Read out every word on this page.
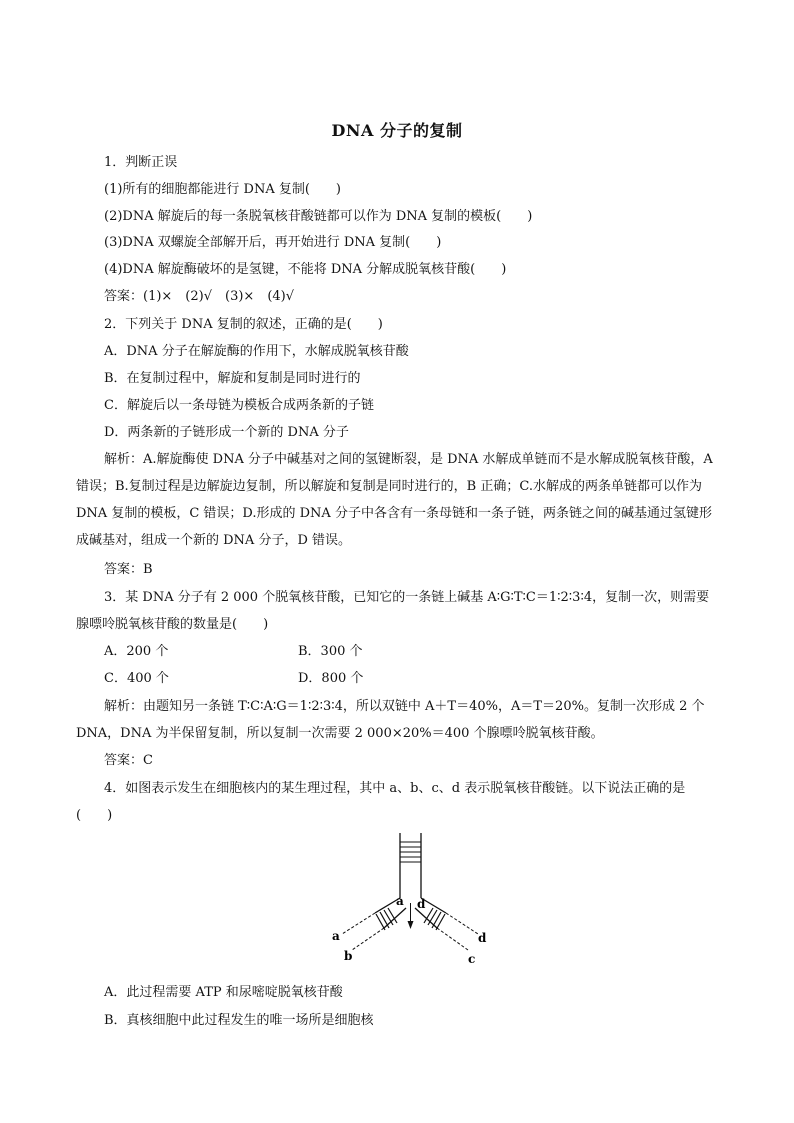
DNA 分子的复制
1．判断正误
(1)所有的细胞都能进行 DNA 复制(　　)
(2)DNA 解旋后的每一条脱氧核苷酸链都可以作为 DNA 复制的模板(　　)
(3)DNA 双螺旋全部解开后，再开始进行 DNA 复制(　　)
(4)DNA 解旋酶破坏的是氢键，不能将 DNA 分解成脱氧核苷酸(　　)
答案：(1)×　(2)√　(3)×　(4)√
2．下列关于 DNA 复制的叙述，正确的是(　　)
A．DNA 分子在解旋酶的作用下，水解成脱氧核苷酸
B．在复制过程中，解旋和复制是同时进行的
C．解旋后以一条母链为模板合成两条新的子链
D．两条新的子链形成一个新的 DNA 分子
解析：A.解旋酶使 DNA 分子中碱基对之间的氢键断裂，是 DNA 水解成单链而不是水解成脱氧核苷酸，A 错误；B.复制过程是边解旋边复制，所以解旋和复制是同时进行的，B 正确；C.水解成的两条单链都可以作为 DNA 复制的模板，C 错误；D.形成的 DNA 分子中各含有一条母链和一条子链，两条链之间的碱基通过氢键形成碱基对，组成一个新的 DNA 分子，D 错误。
答案：B
3．某 DNA 分子有 2 000 个脱氧核苷酸，已知它的一条链上碱基 A∶G∶T∶C＝1∶2∶3∶4，复制一次，则需要腺嘌呤脱氧核苷酸的数量是(　　)
A．200 个	B．300 个
C．400 个	D．800 个
解析：由题知另一条链 T∶C∶A∶G＝1∶2∶3∶4，所以双链中 A＋T＝40%，A＝T＝20%。复制一次形成 2 个 DNA，DNA 为半保留复制，所以复制一次需要 2 000×20%＝400 个腺嘌呤脱氧核苷酸。
答案：C
4．如图表示发生在细胞核内的某生理过程，其中 a、b、c、d 表示脱氧核苷酸链。以下说法正确的是(　　)
a d
a
b
d
c
A．此过程需要 ATP 和尿嘧啶脱氧核苷酸
B．真核细胞中此过程发生的唯一场所是细胞核
